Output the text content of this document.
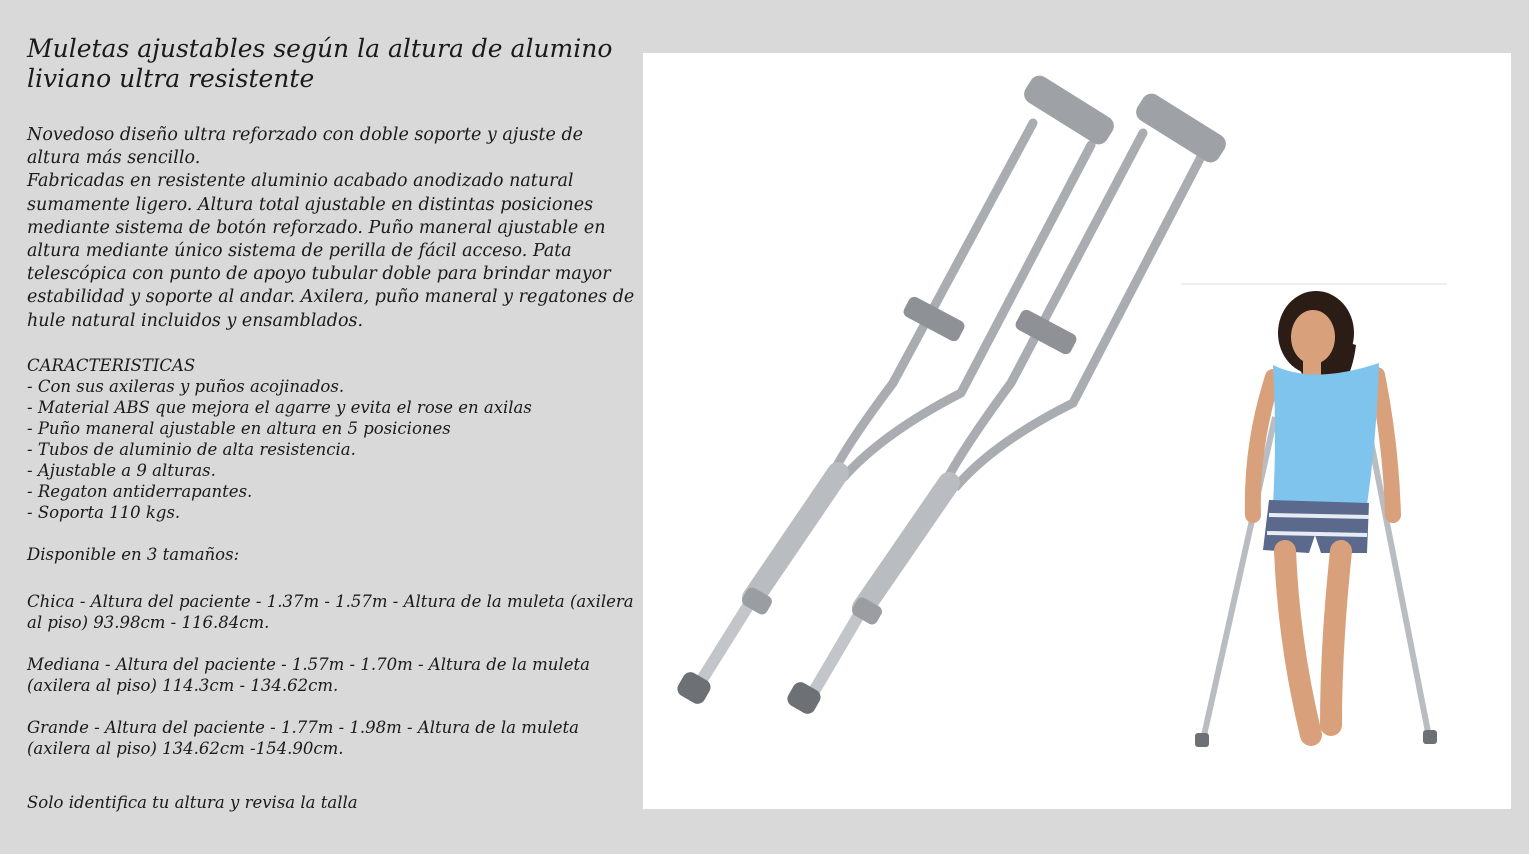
Muletas ajustables según la altura de alumino liviano ultra resistente

Novedoso diseño ultra reforzado con doble soporte y ajuste de altura más sencillo.

Fabricadas en resistente aluminio acabado anodizado natural sumamente ligero. Altura total ajustable en distintas posiciones mediante sistema de botón reforzado. Puño maneral ajustable en altura mediante único sistema de perilla de fácil acceso. Pata telescópica con punto de apoyo tubular doble para brindar mayor estabilidad y soporte al andar. Axilera, puño maneral y regatones de hule natural incluidos y ensamblados.

CARACTERISTICAS
- Con sus axileras y puños acojinados.
- Material ABS que mejora el agarre y evita el rose en axilas
- Puño maneral ajustable en altura en 5 posiciones
- Tubos de aluminio de alta resistencia.
- Ajustable a 9 alturas.
- Regaton antiderrapantes.
- Soporta 110 kgs.

Disponible en 3 tamaños:

Chica - Altura del paciente - 1.37m - 1.57m - Altura de la muleta (axilera al piso) 93.98cm - 116.84cm.

Mediana - Altura del paciente - 1.57m - 1.70m - Altura de la muleta (axilera al piso) 114.3cm - 134.62cm.

Grande - Altura del paciente - 1.77m - 1.98m - Altura de la muleta (axilera al piso) 134.62cm -154.90cm.

Solo identifica tu altura y revisa la talla
